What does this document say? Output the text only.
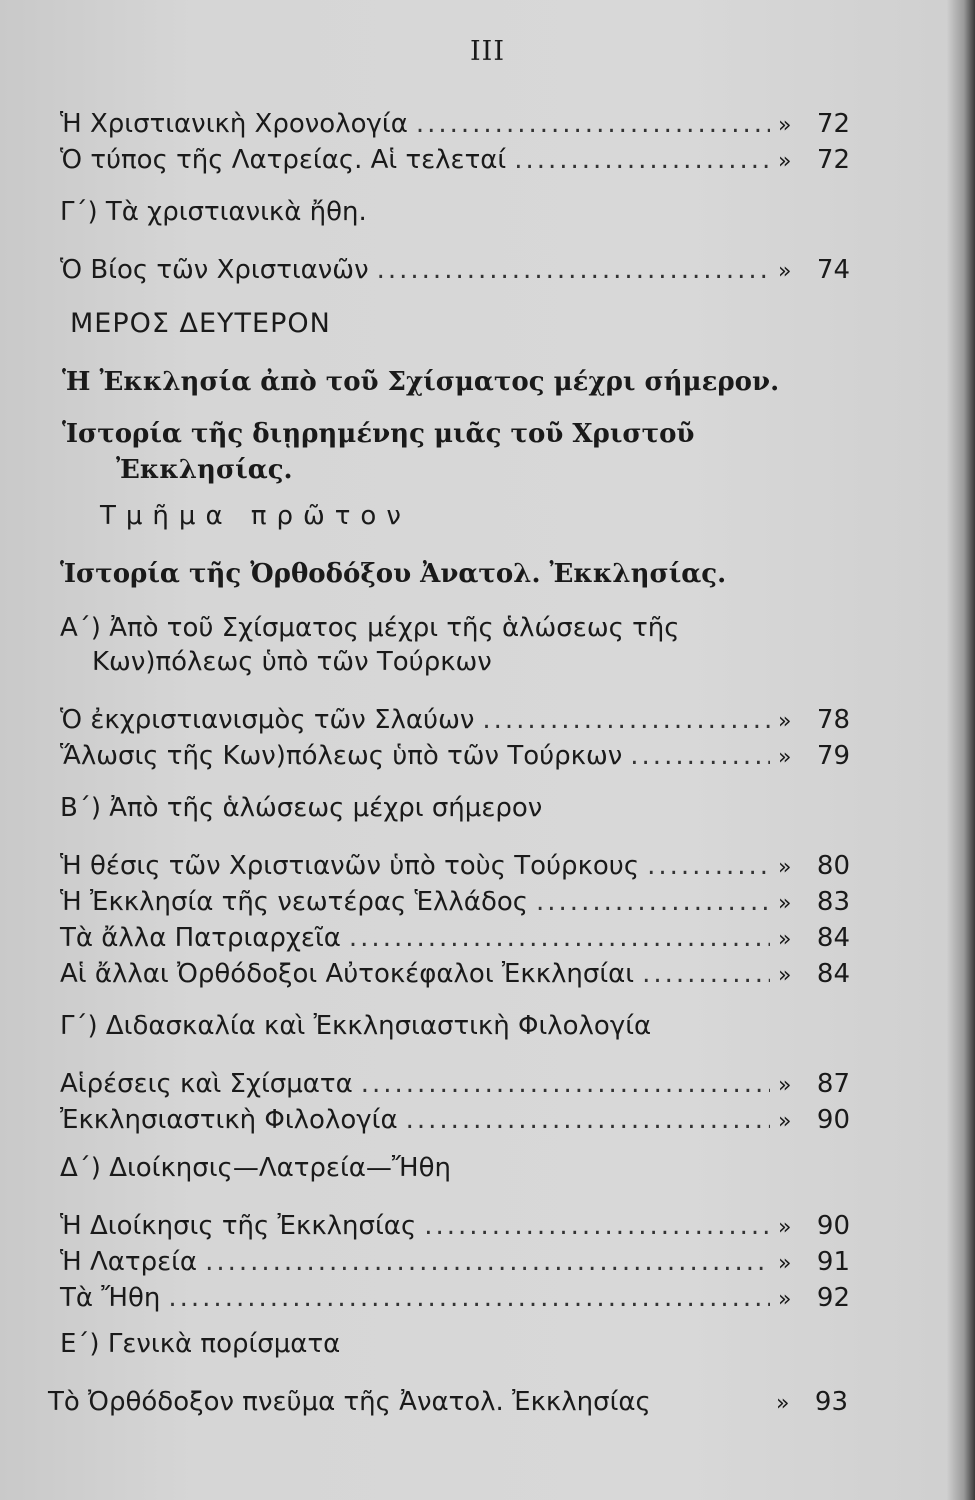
III
Ἡ Χριστιανικὴ Χρονολογία .....	» 72
Ὁ τύπος τῆς Λατρείας. Αἱ τελεταί .....	» 72
Γ΄) Τὰ χριστιανικὰ ἤθη.
Ὁ Βίος τῶν Χριστιανῶν .....	» 74
ΜΕΡΟΣ ΔΕΥΤΕΡΟΝ
Ἡ Ἐκκλησία ἀπὸ τοῦ Σχίσματος μέχρι σήμερον.
Ἱστορία τῆς διῃρημένης μιᾶς τοῦ Χριστοῦ
Ἐκκλησίας.
Τμῆμα πρῶτον
Ἱστορία τῆς Ὀρθοδόξου Ἀνατολ. Ἐκκλησίας.
Α΄) Ἀπὸ τοῦ Σχίσματος μέχρι τῆς ἁλώσεως τῆς
Κων)πόλεως ὑπὸ τῶν Τούρκων
Ὁ ἐκχριστιανισμὸς τῶν Σλαύων .....	» 78
Ἅλωσις τῆς Κων)πόλεως ὑπὸ τῶν Τούρκων .....	» 79
Β΄) Ἀπὸ τῆς ἁλώσεως μέχρι σήμερον
Ἡ θέσις τῶν Χριστιανῶν ὑπὸ τοὺς Τούρκους .....	» 80
Ἡ Ἐκκλησία τῆς νεωτέρας Ἑλλάδος .....	» 83
Τὰ ἄλλα Πατριαρχεῖα .....	» 84
Αἱ ἄλλαι Ὀρθόδοξοι Αὐτοκέφαλοι Ἐκκλησίαι .....	» 84
Γ΄) Διδασκαλία καὶ Ἐκκλησιαστικὴ Φιλολογία
Αἱρέσεις καὶ Σχίσματα .....	» 87
Ἐκκλησιαστικὴ Φιλολογία .....	» 90
Δ΄) Διοίκησις—Λατρεία—Ἤθη
Ἡ Διοίκησις τῆς Ἐκκλησίας .....	» 90
Ἡ Λατρεία .....	» 91
Τὰ Ἤθη .....	» 92
Ε΄) Γενικὰ πορίσματα
Τὸ Ὀρθόδοξον πνεῦμα τῆς Ἀνατολ. Ἐκκλησίας	» 93
